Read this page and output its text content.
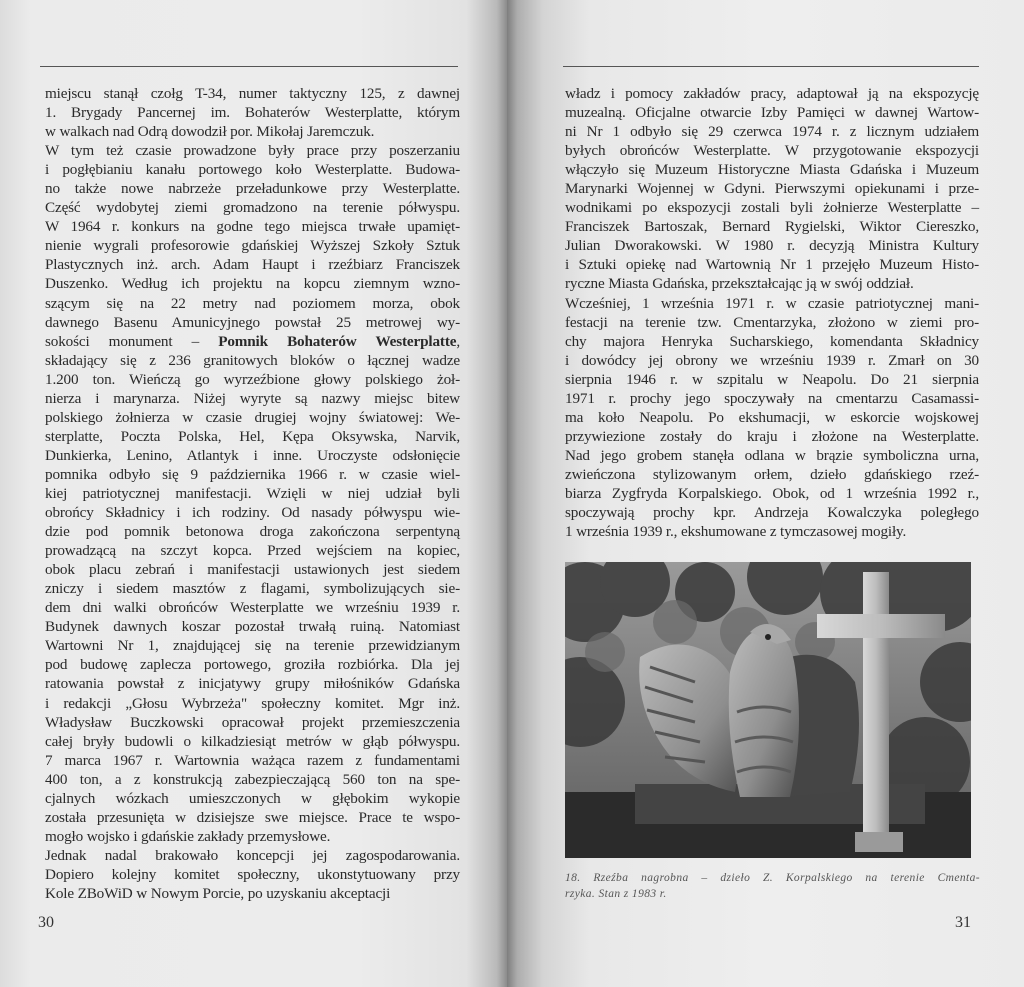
miejscu stanął czołg T-34, numer taktyczny 125, z dawnej
1. Brygady Pancernej im. Bohaterów Westerplatte, którym
w walkach nad Odrą dowodził por. Mikołaj Jaremczuk.
W tym też czasie prowadzone były prace przy poszerzaniu
i pogłębianiu kanału portowego koło Westerplatte. Budowa-
no także nowe nabrzeże przeładunkowe przy Westerplatte.
Część wydobytej ziemi gromadzono na terenie półwyspu.
W 1964 r. konkurs na godne tego miejsca trwałe upamięt-
nienie wygrali profesorowie gdańskiej Wyższej Szkoły Sztuk
Plastycznych inż. arch. Adam Haupt i rzeźbiarz Franciszek
Duszenko. Według ich projektu na kopcu ziemnym wzno-
szącym się na 22 metry nad poziomem morza, obok
dawnego Basenu Amunicyjnego powstał 25 metrowej wy-
sokości monument – Pomnik Bohaterów Westerplatte,
składający się z 236 granitowych bloków o łącznej wadze
1.200 ton. Wieńczą go wyrzeźbione głowy polskiego żoł-
nierza i marynarza. Niżej wyryte są nazwy miejsc bitew
polskiego żołnierza w czasie drugiej wojny światowej: We-
sterplatte, Poczta Polska, Hel, Kępa Oksywska, Narvik,
Dunkierka, Lenino, Atlantyk i inne. Uroczyste odsłonięcie
pomnika odbyło się 9 października 1966 r. w czasie wiel-
kiej patriotycznej manifestacji. Wzięli w niej udział byli
obrońcy Składnicy i ich rodziny. Od nasady półwyspu wie-
dzie pod pomnik betonowa droga zakończona serpentyną
prowadzącą na szczyt kopca. Przed wejściem na kopiec,
obok placu zebrań i manifestacji ustawionych jest siedem
zniczy i siedem masztów z flagami, symbolizujących sie-
dem dni walki obrońców Westerplatte we wrześniu 1939 r.
Budynek dawnych koszar pozostał trwałą ruiną. Natomiast
Wartowni Nr 1, znajdującej się na terenie przewidzianym
pod budowę zaplecza portowego, groziła rozbiórka. Dla jej
ratowania powstał z inicjatywy grupy miłośników Gdańska
i redakcji „Głosu Wybrzeża" społeczny komitet. Mgr inż.
Władysław Buczkowski opracował projekt przemieszczenia
całej bryły budowli o kilkadziesiąt metrów w głąb półwyspu.
7 marca 1967 r. Wartownia ważąca razem z fundamentami
400 ton, a z konstrukcją zabezpieczającą 560 ton na spe-
cjalnych wózkach umieszczonych w głębokim wykopie
została przesunięta w dzisiejsze swe miejsce. Prace te wspo-
mogło wojsko i gdańskie zakłady przemysłowe.
Jednak nadal brakowało koncepcji jej zagospodarowania.
Dopiero kolejny komitet społeczny, ukonstytuowany przy
Kole ZBoWiD w Nowym Porcie, po uzyskaniu akceptacji
30
władz i pomocy zakładów pracy, adaptował ją na ekspozycję
muzealną. Oficjalne otwarcie Izby Pamięci w dawnej Wartow-
ni Nr 1 odbyło się 29 czerwca 1974 r. z licznym udziałem
byłych obrońców Westerplatte. W przygotowanie ekspozycji
włączyło się Muzeum Historyczne Miasta Gdańska i Muzeum
Marynarki Wojennej w Gdyni. Pierwszymi opiekunami i prze-
wodnikami po ekspozycji zostali byli żołnierze Westerplatte –
Franciszek Bartoszak, Bernard Rygielski, Wiktor Ciereszko,
Julian Dworakowski. W 1980 r. decyzją Ministra Kultury
i Sztuki opiekę nad Wartownią Nr 1 przejęło Muzeum Histo-
ryczne Miasta Gdańska, przekształcając ją w swój oddział.
Wcześniej, 1 września 1971 r. w czasie patriotycznej mani-
festacji na terenie tzw. Cmentarzyka, złożono w ziemi pro-
chy majora Henryka Sucharskiego, komendanta Składnicy
i dowódcy jej obrony we wrześniu 1939 r. Zmarł on 30
sierpnia 1946 r. w szpitalu w Neapolu. Do 21 sierpnia
1971 r. prochy jego spoczywały na cmentarzu Casamassi-
ma koło Neapolu. Po ekshumacji, w eskorcie wojskowej
przywiezione zostały do kraju i złożone na Westerplatte.
Nad jego grobem stanęła odlana w brązie symboliczna urna,
zwieńczona stylizowanym orłem, dzieło gdańskiego rzeź-
biarza Zygfryda Korpalskiego. Obok, od 1 września 1992 r.,
spoczywają prochy kpr. Andrzeja Kowalczyka poległego
1 września 1939 r., ekshumowane z tymczasowej mogiły.
18. Rzeźba nagrobna – dzieło Z. Korpalskiego na terenie Cmenta-
rzyka. Stan z 1983 r.
31
